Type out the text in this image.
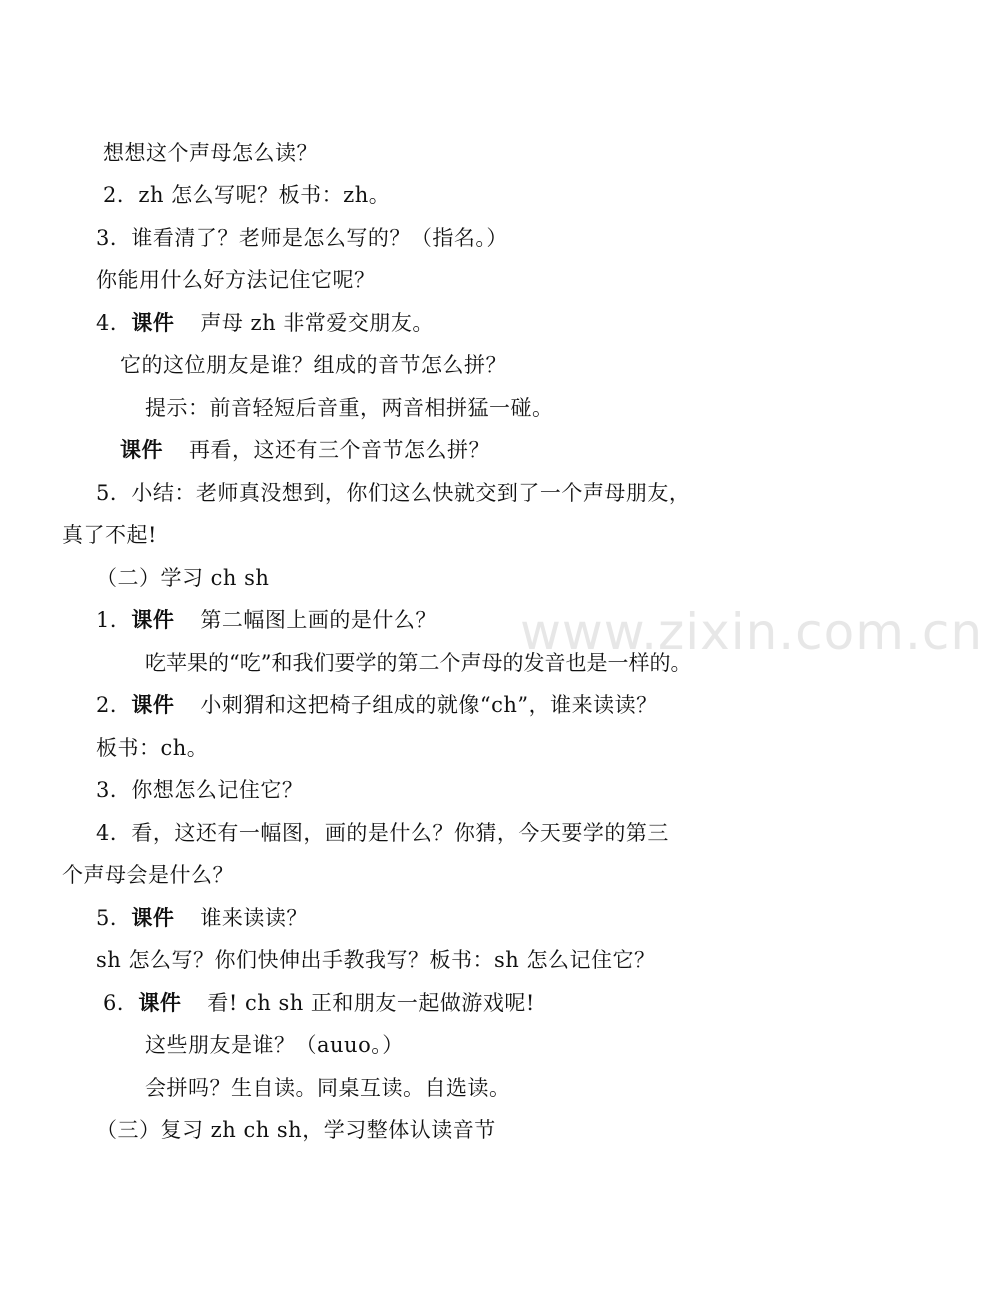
www.zixin.com.cn
想想这个声母怎么读？
2．zh 怎么写呢？板书：zh。
3．谁看清了？老师是怎么写的？（指名。）
你能用什么好方法记住它呢？
4．课件 声母 zh 非常爱交朋友。
它的这位朋友是谁？组成的音节怎么拼？
提示：前音轻短后音重，两音相拼猛一碰。
课件 再看，这还有三个音节怎么拼？
5．小结：老师真没想到，你们这么快就交到了一个声母朋友，
真了不起!
（二）学习 ch sh
1．课件 第二幅图上画的是什么？
吃苹果的“吃”和我们要学的第二个声母的发音也是一样的。
2．课件 小刺猬和这把椅子组成的就像“ch”，谁来读读？
板书：ch。
3．你想怎么记住它？
4．看，这还有一幅图，画的是什么？你猜，今天要学的第三
个声母会是什么？
5．课件 谁来读读？
sh 怎么写？你们快伸出手教我写？板书：sh 怎么记住它？
6．课件 看! ch sh 正和朋友一起做游戏呢!
这些朋友是谁？（auuo。）
会拼吗？生自读。同桌互读。自选读。
（三）复习 zh ch sh，学习整体认读音节
